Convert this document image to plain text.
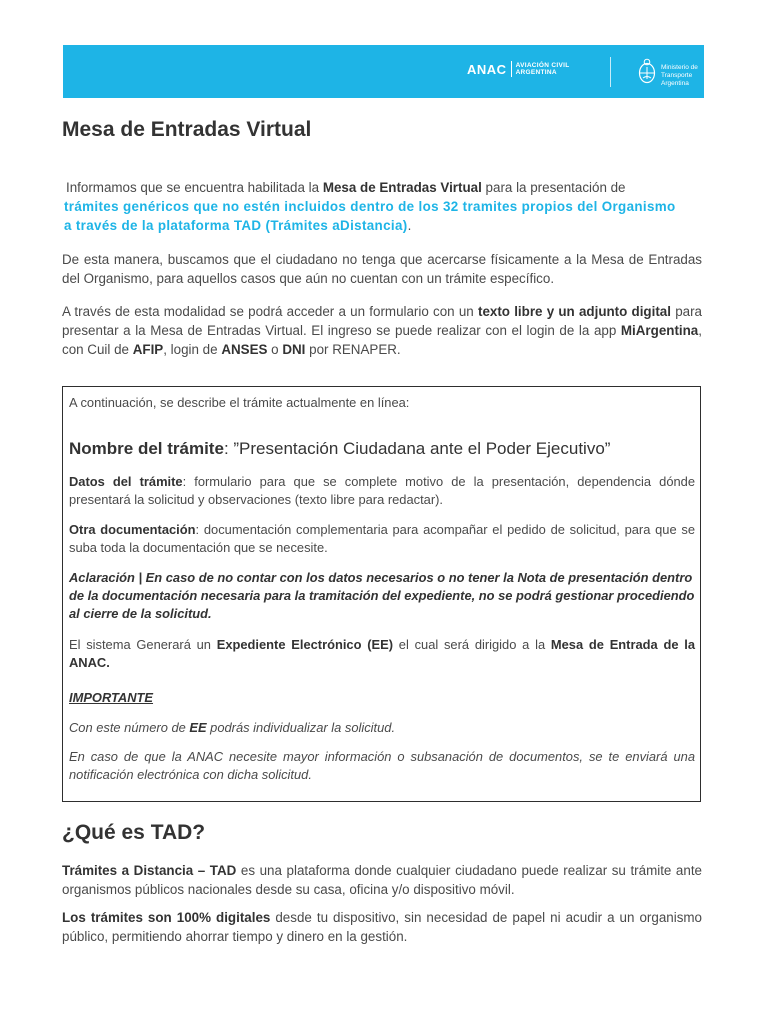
ANAC AVIACIÓN CIVIL
ARGENTINA
Ministerio de Transporte
Argentina
Mesa de Entradas Virtual

Informamos que se encuentra habilitada la Mesa de Entradas Virtual para la presentación de

trámites genéricos que no estén incluidos dentro de los 32 tramites propios del Organismo
a través de la plataforma TAD (Trámites aDistancia).

De esta manera, buscamos que el ciudadano no tenga que acercarse físicamente a la Mesa de Entradas del Organismo, para aquellos casos que aún no cuentan con un trámite específico.

A través de esta modalidad se podrá acceder a un formulario con un texto libre y un adjunto digital para presentar a la Mesa de Entradas Virtual. El ingreso se puede realizar con el login de la app MiArgentina, con Cuil de AFIP, login de ANSES o DNI por RENAPER.

A continuación, se describe el trámite actualmente en línea:

Nombre del trámite: ”Presentación Ciudadana ante el Poder Ejecutivo”

Datos del trámite: formulario para que se complete motivo de la presentación, dependencia dónde presentará la solicitud y observaciones (texto libre para redactar).

Otra documentación: documentación complementaria para acompañar el pedido de solicitud, para que se suba toda la documentación que se necesite.

Aclaración | En caso de no contar con los datos necesarios o no tener la Nota de presentación dentro de la documentación necesaria para la tramitación del expediente, no se podrá gestionar procediendo al cierre de la solicitud.

El sistema Generará un Expediente Electrónico (EE) el cual será dirigido a la Mesa de Entrada de la ANAC.

IMPORTANTE

Con este número de EE podrás individualizar la solicitud.

En caso de que la ANAC necesite mayor información o subsanación de documentos, se te enviará una notificación electrónica con dicha solicitud.

¿Qué es TAD?

Trámites a Distancia – TAD es una plataforma donde cualquier ciudadano puede realizar su trámite ante organismos públicos nacionales desde su casa, oficina y/o dispositivo móvil.

Los trámites son 100% digitales desde tu dispositivo, sin necesidad de papel ni acudir a un organismo público, permitiendo ahorrar tiempo y dinero en la gestión.
